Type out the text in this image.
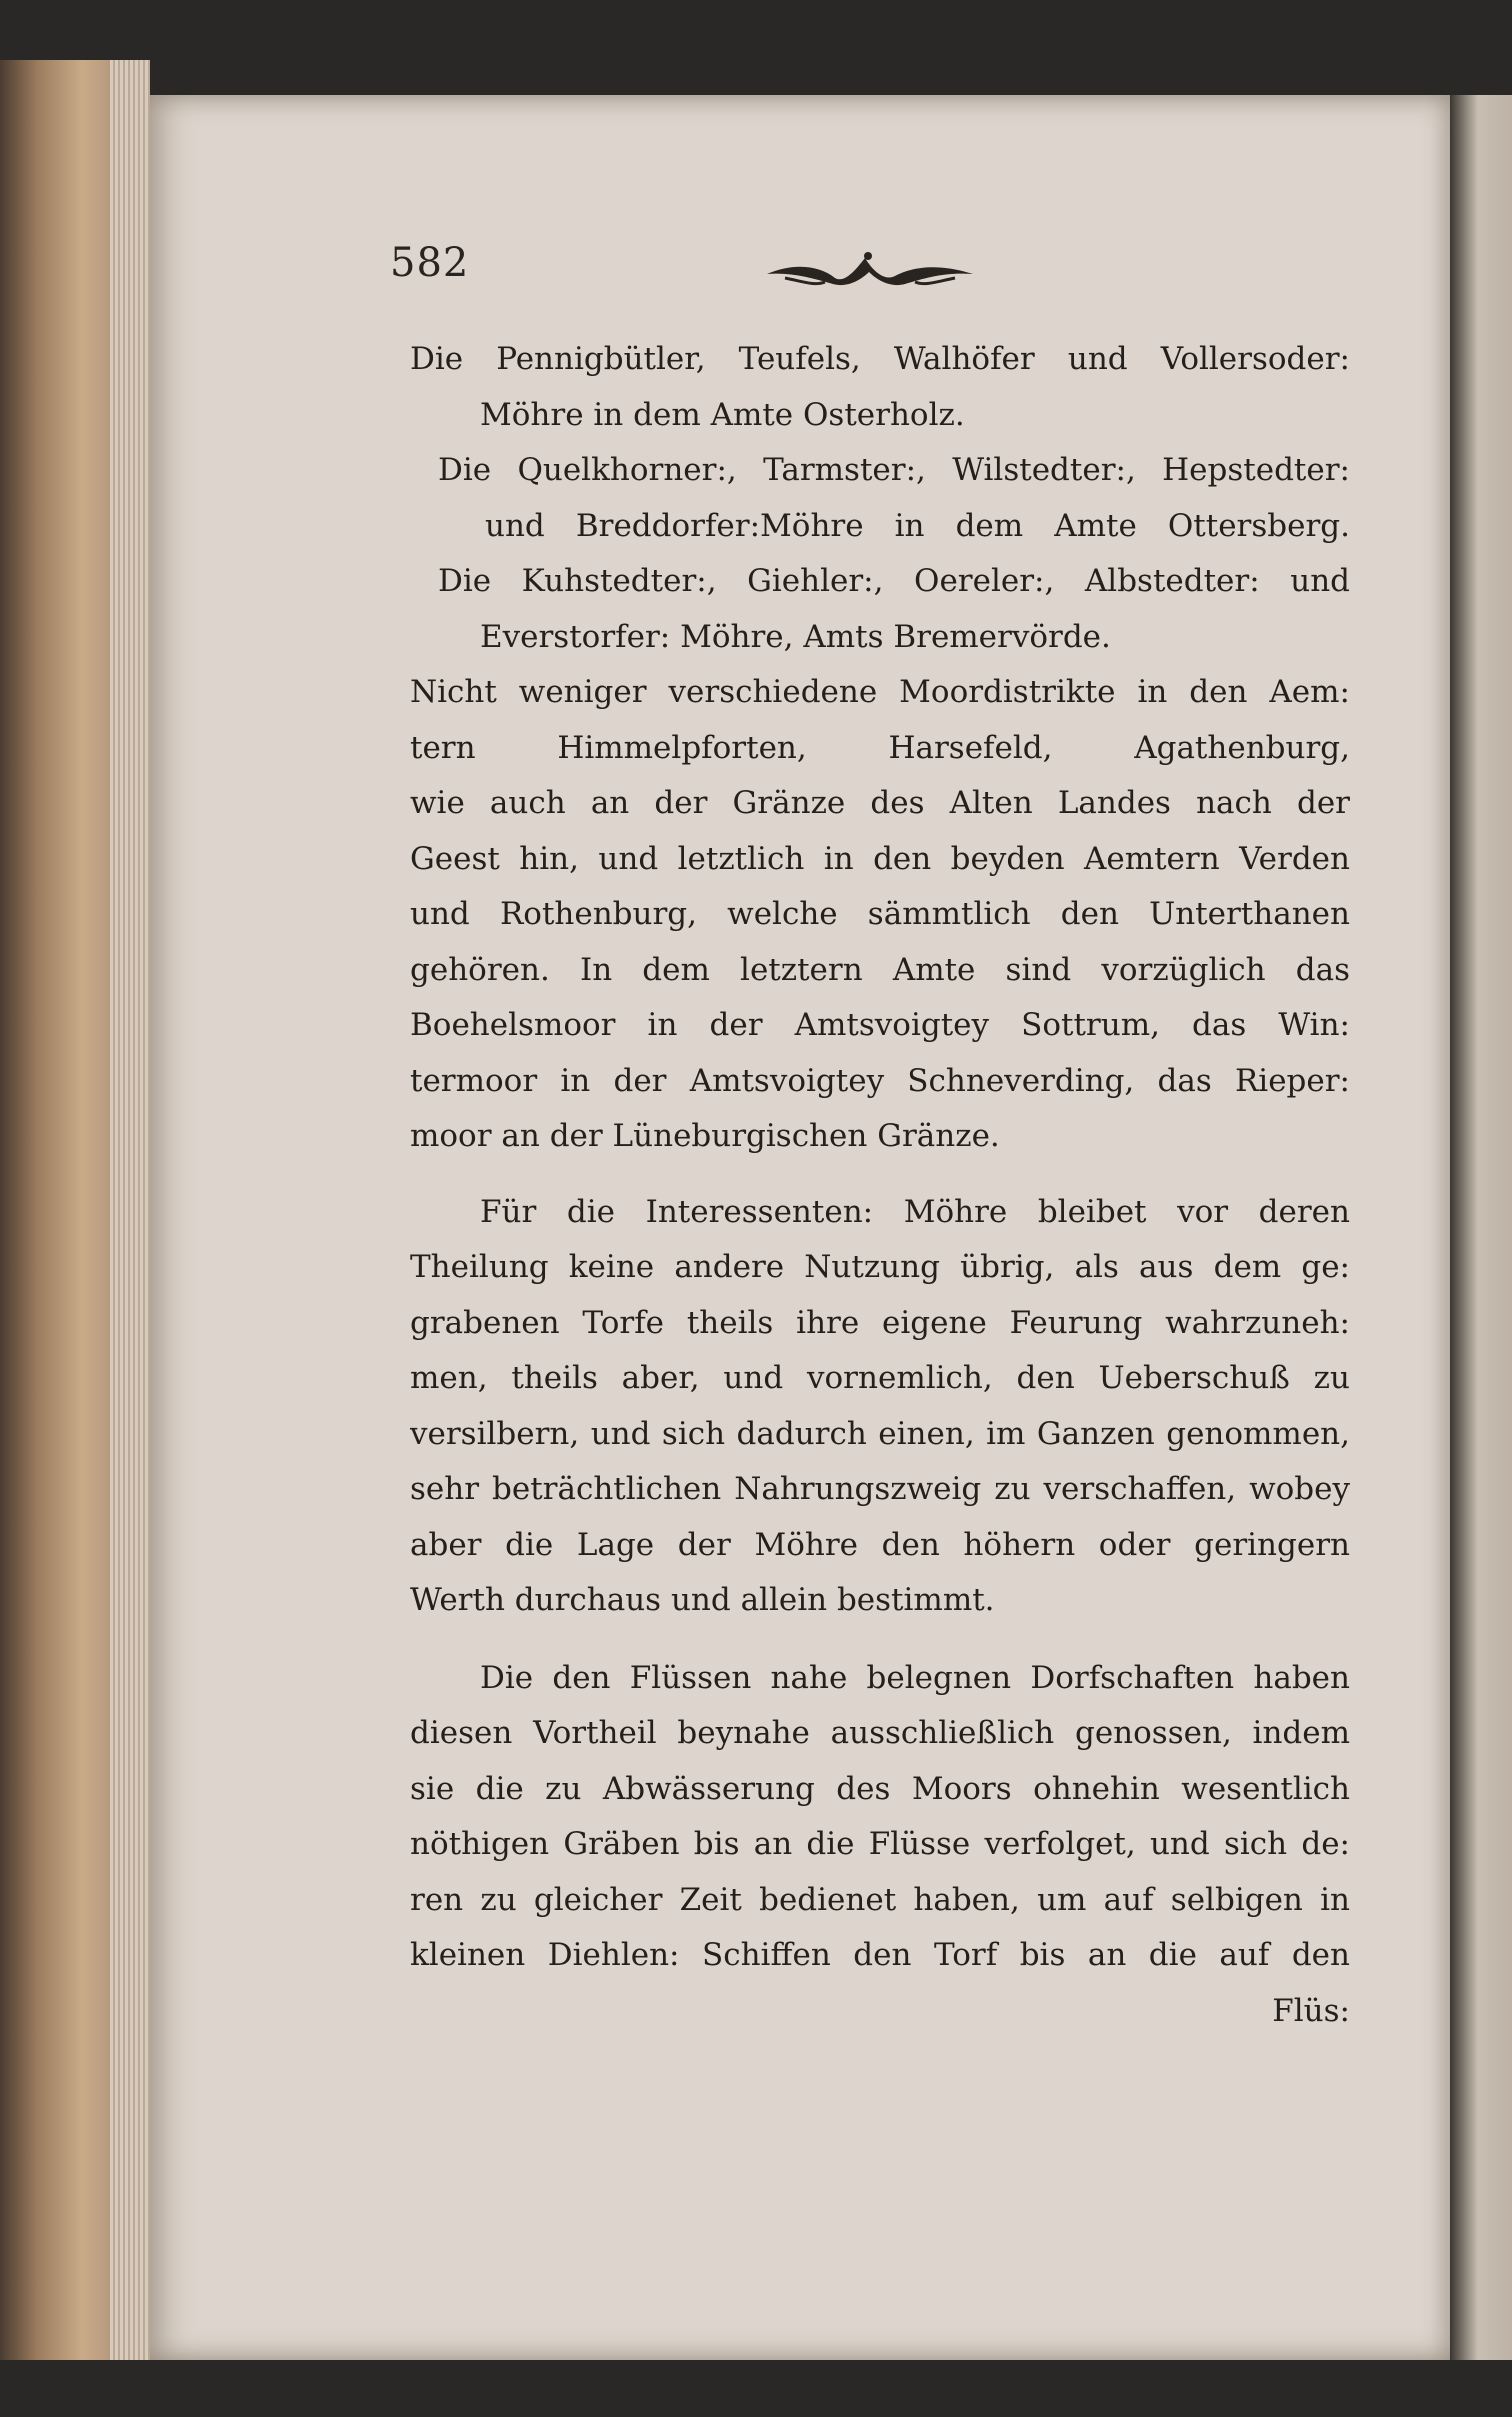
582
Die Pennigbütler, Teufels, Walhöfer und Vollersoder:
Möhre in dem Amte Osterholz.
Die Quelkhorner:, Tarmster:, Wilstedter:, Hepstedter:
und Breddorfer:Möhre in dem Amte Ottersberg.
Die Kuhstedter:, Giehler:, Oereler:, Albstedter: und
Everstorfer: Möhre, Amts Bremervörde.
Nicht weniger verschiedene Moordistrikte in den Aem:
tern Himmelpforten, Harsefeld, Agathenburg,
wie auch an der Gränze des Alten Landes nach der
Geest hin, und letztlich in den beyden Aemtern Verden
und Rothenburg, welche sämmtlich den Unterthanen
gehören. In dem letztern Amte sind vorzüglich das
Boehelsmoor in der Amtsvoigtey Sottrum, das Win:
termoor in der Amtsvoigtey Schneverding, das Rieper:
moor an der Lüneburgischen Gränze.
Für die Interessenten: Möhre bleibet vor deren
Theilung keine andere Nutzung übrig, als aus dem ge:
grabenen Torfe theils ihre eigene Feurung wahrzuneh:
men, theils aber, und vornemlich, den Ueberschuß zu
versilbern, und sich dadurch einen, im Ganzen genommen,
sehr beträchtlichen Nahrungszweig zu verschaffen, wobey
aber die Lage der Möhre den höhern oder geringern
Werth durchaus und allein bestimmt.
Die den Flüssen nahe belegnen Dorfschaften haben
diesen Vortheil beynahe ausschließlich genossen, indem
sie die zu Abwässerung des Moors ohnehin wesentlich
nöthigen Gräben bis an die Flüsse verfolget, und sich de:
ren zu gleicher Zeit bedienet haben, um auf selbigen in
kleinen Diehlen: Schiffen den Torf bis an die auf den
Flüs:
